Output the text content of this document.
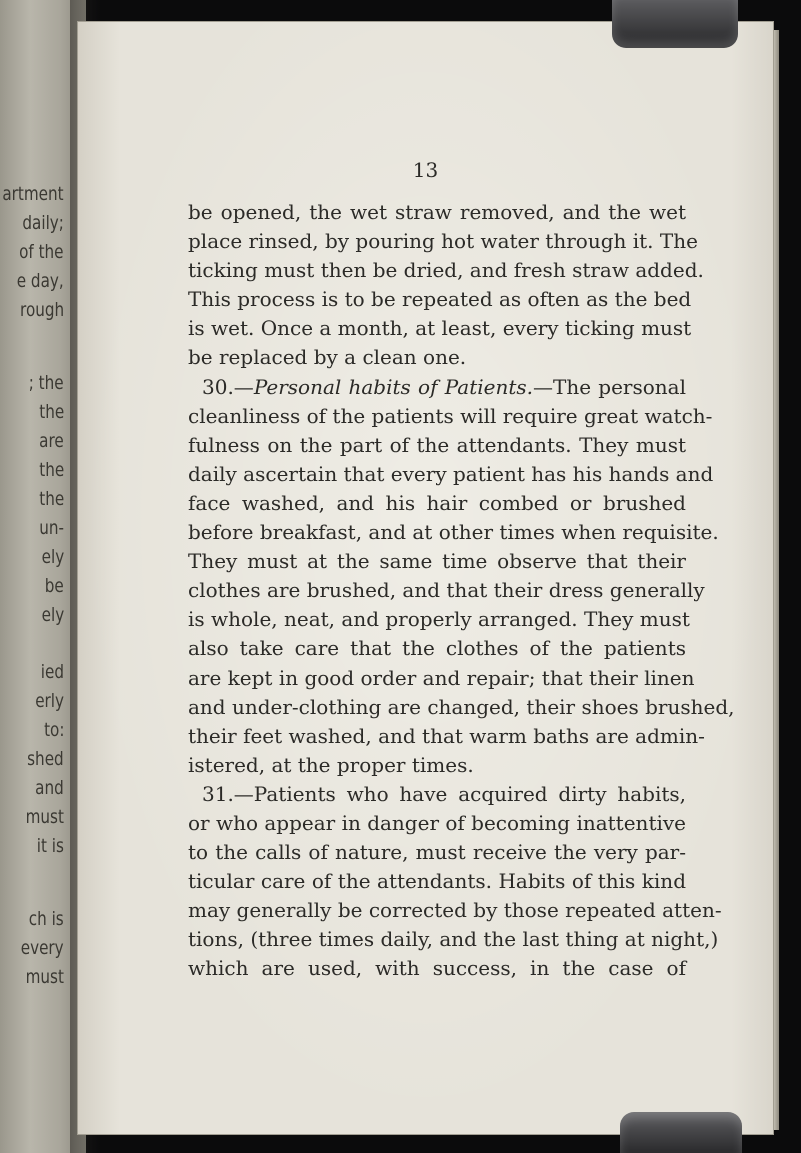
artment
daily;
of the
e day,
rough
; the
the
are
the
the
un-
ely
be
ely
ied
erly
to:
shed
and
must
it is
ch is
every
must
13
be opened, the wet straw removed, and the wet
place rinsed, by pouring hot water through it. The
ticking must then be dried, and fresh straw added.
This process is to be repeated as often as the bed
is wet. Once a month, at least, every ticking must
be replaced by a clean one.
30.—Personal habits of Patients.—The personal
cleanliness of the patients will require great watch-
fulness on the part of the attendants. They must
daily ascertain that every patient has his hands and
face washed, and his hair combed or brushed
before breakfast, and at other times when requisite.
They must at the same time observe that their
clothes are brushed, and that their dress generally
is whole, neat, and properly arranged. They must
also take care that the clothes of the patients
are kept in good order and repair; that their linen
and under-clothing are changed, their shoes brushed,
their feet washed, and that warm baths are admin-
istered, at the proper times.
31.—Patients who have acquired dirty habits,
or who appear in danger of becoming inattentive
to the calls of nature, must receive the very par-
ticular care of the attendants. Habits of this kind
may generally be corrected by those repeated atten-
tions, (three times daily, and the last thing at night,)
which are used, with success, in the case of
